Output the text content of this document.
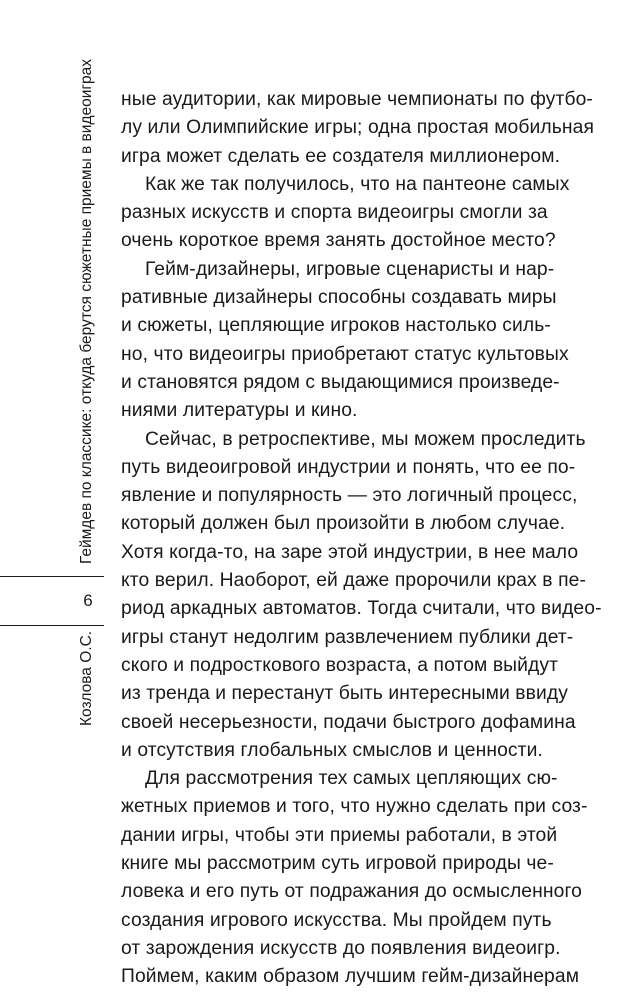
Геймдев по классике: откуда берутся сюжетные приемы в видеоиграх
6
Козлова О.С.
ные аудитории, как мировые чемпионаты по футбо-
лу или Олимпийские игры; одна простая мобильная
игра может сделать ее создателя миллионером.
Как же так получилось, что на пантеоне самых
разных искусств и спорта видеоигры смогли за
очень короткое время занять достойное место?
Гейм-дизайнеры, игровые сценаристы и нар-
ративные дизайнеры способны создавать миры
и сюжеты, цепляющие игроков настолько силь-
но, что видеоигры приобретают статус культовых
и становятся рядом с выдающимися произведе-
ниями литературы и кино.
Сейчас, в ретроспективе, мы можем проследить
путь видеоигровой индустрии и понять, что ее по-
явление и популярность — это логичный процесс,
который должен был произойти в любом случае.
Хотя когда-то, на заре этой индустрии, в нее мало
кто верил. Наоборот, ей даже пророчили крах в пе-
риод аркадных автоматов. Тогда считали, что видео-
игры станут недолгим развлечением публики дет-
ского и подросткового возраста, а потом выйдут
из тренда и перестанут быть интересными ввиду
своей несерьезности, подачи быстрого дофамина
и отсутствия глобальных смыслов и ценности.
Для рассмотрения тех самых цепляющих сю-
жетных приемов и того, что нужно сделать при соз-
дании игры, чтобы эти приемы работали, в этой
книге мы рассмотрим суть игровой природы че-
ловека и его путь от подражания до осмысленного
создания игрового искусства. Мы пройдем путь
от зарождения искусств до появления видеоигр.
Поймем, каким образом лучшим гейм-дизайнерам
